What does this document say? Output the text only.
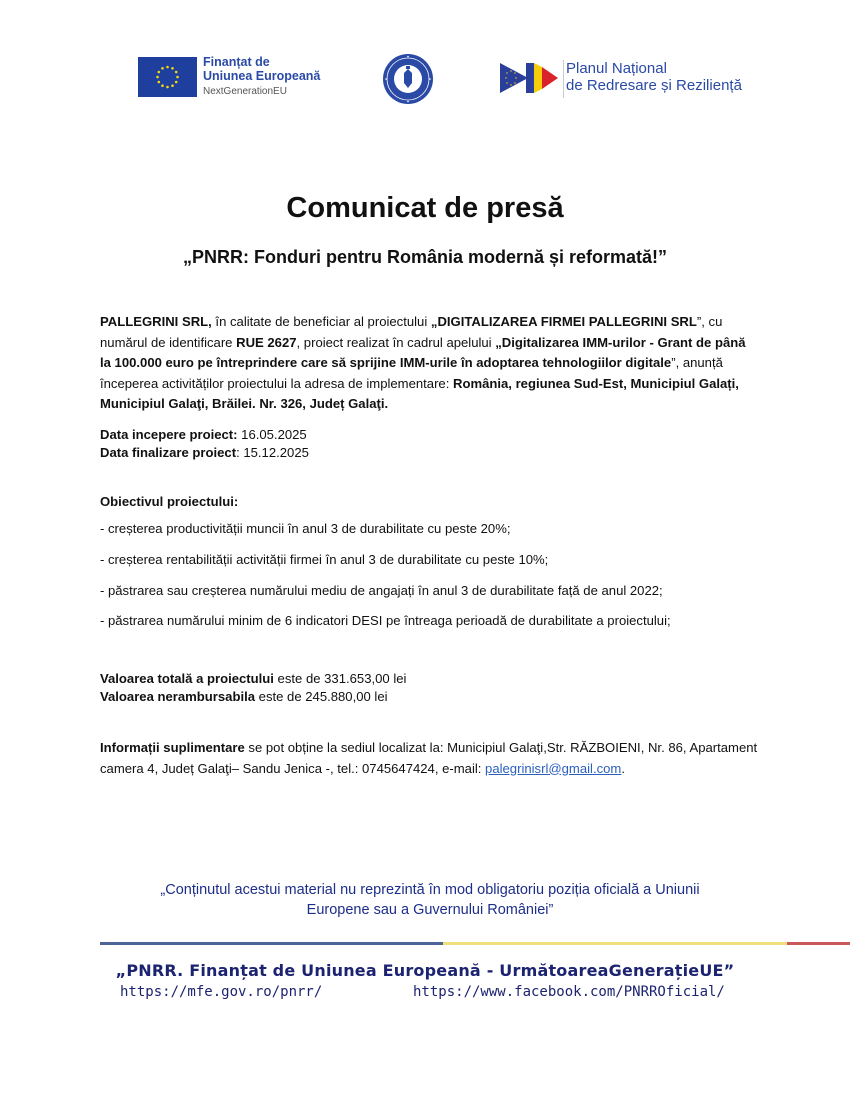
Finanțat de
Uniunea Europeană
NextGenerationEU
Planul Național
de Redresare și Reziliență
Comunicat de presă
„PNRR: Fonduri pentru România modernă și reformată!”
PALLEGRINI SRL, în calitate de beneficiar al proiectului „DIGITALIZAREA FIRMEI PALLEGRINI SRL”, cu numărul de identificare RUE 2627, proiect realizat în cadrul apelului „Digitalizarea IMM-urilor - Grant de până la 100.000 euro pe întreprindere care să sprijine IMM-urile în adoptarea tehnologiilor digitale”, anunță începerea activităților proiectului la adresa de implementare: România, regiunea Sud-Est, Municipiul Galați, Municipiul Galaţi, Brăilei. Nr. 326, Județ Galaţi.
Data incepere proiect: 16.05.2025
Data finalizare proiect: 15.12.2025
Obiectivul proiectului:
- creșterea productivității muncii în anul 3 de durabilitate cu peste 20%;
- creșterea rentabilității activității firmei în anul 3 de durabilitate cu peste 10%;
- păstrarea sau creșterea numărului mediu de angajați în anul 3 de durabilitate față de anul 2022;
- păstrarea numărului minim de 6 indicatori DESI pe întreaga perioadă de durabilitate a proiectului;
Valoarea totală a proiectului este de 331.653,00 lei
Valoarea nerambursabila este de 245.880,00 lei
Informații suplimentare se pot obține la sediul localizat la: Municipiul Galaţi,Str. RĂZBOIENI, Nr. 86, Apartament camera 4, Județ Galaţi– Sandu Jenica -, tel.: 0745647424, e-mail: palegrinisrl@gmail.com.
„Conținutul acestui material nu reprezintă în mod obligatoriu poziția oficială a Uniunii
Europene sau a Guvernului României”
„PNRR. Finanțat de Uniunea Europeană - UrmătoareaGenerațieUE”
https://mfe.gov.ro/pnrr/	https://www.facebook.com/PNRROficial/
